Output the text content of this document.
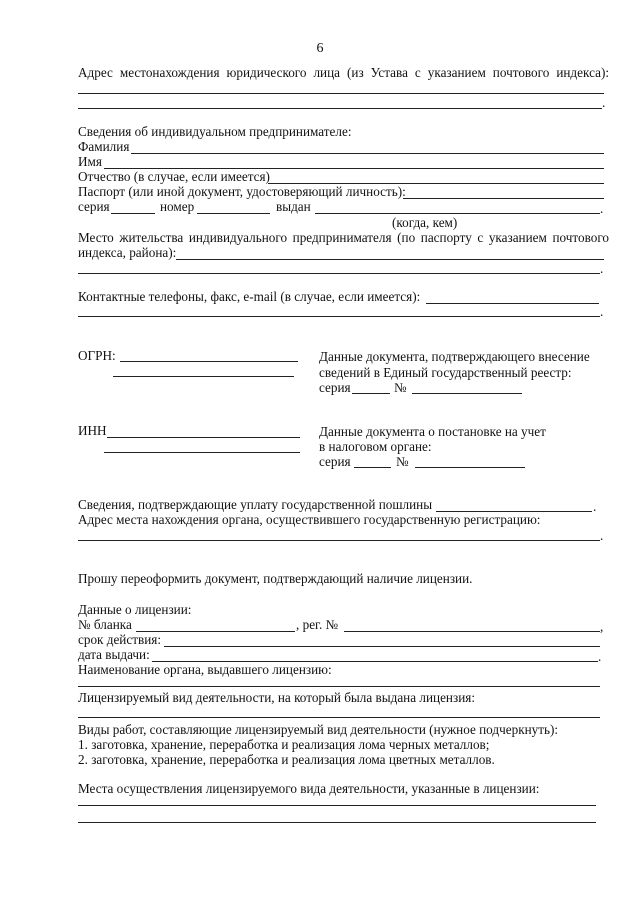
6
Адрес местонахождения юридического лица (из Устава с указанием почтового индекса):
.
Сведения об индивидуальном предпринимателе:
Фамилия
Имя
Отчество (в случае, если имеется)
Паспорт (или иной документ, удостоверяющий личность):
серия	номер	выдан	.
(когда, кем)
Место жительства индивидуального предпринимателя (по паспорту с указанием почтового
индекса, района):
.
Контактные телефоны, факс, e-mail (в случае, если имеется):
.
ОГРН:	Данные документа, подтверждающего внесение
сведений в Единый государственный реестр:
серия	№
ИНН	Данные документа о постановке на учет
в налоговом органе:
серия	№
Сведения, подтверждающие уплату государственной пошлины	.
Адрес места нахождения органа, осуществившего государственную регистрацию:
.
Прошу переоформить документ, подтверждающий наличие лицензии.
Данные о лицензии:
№ бланка	, рег. №	,
срок действия:
дата выдачи:	.
Наименование органа, выдавшего лицензию:
Лицензируемый вид деятельности, на который была выдана лицензия:
Виды работ, составляющие лицензируемый вид деятельности (нужное подчеркнуть):
1. заготовка, хранение, переработка и реализация лома черных металлов;
2. заготовка, хранение, переработка и реализация лома цветных металлов.
Места осуществления лицензируемого вида деятельности, указанные в лицензии:
